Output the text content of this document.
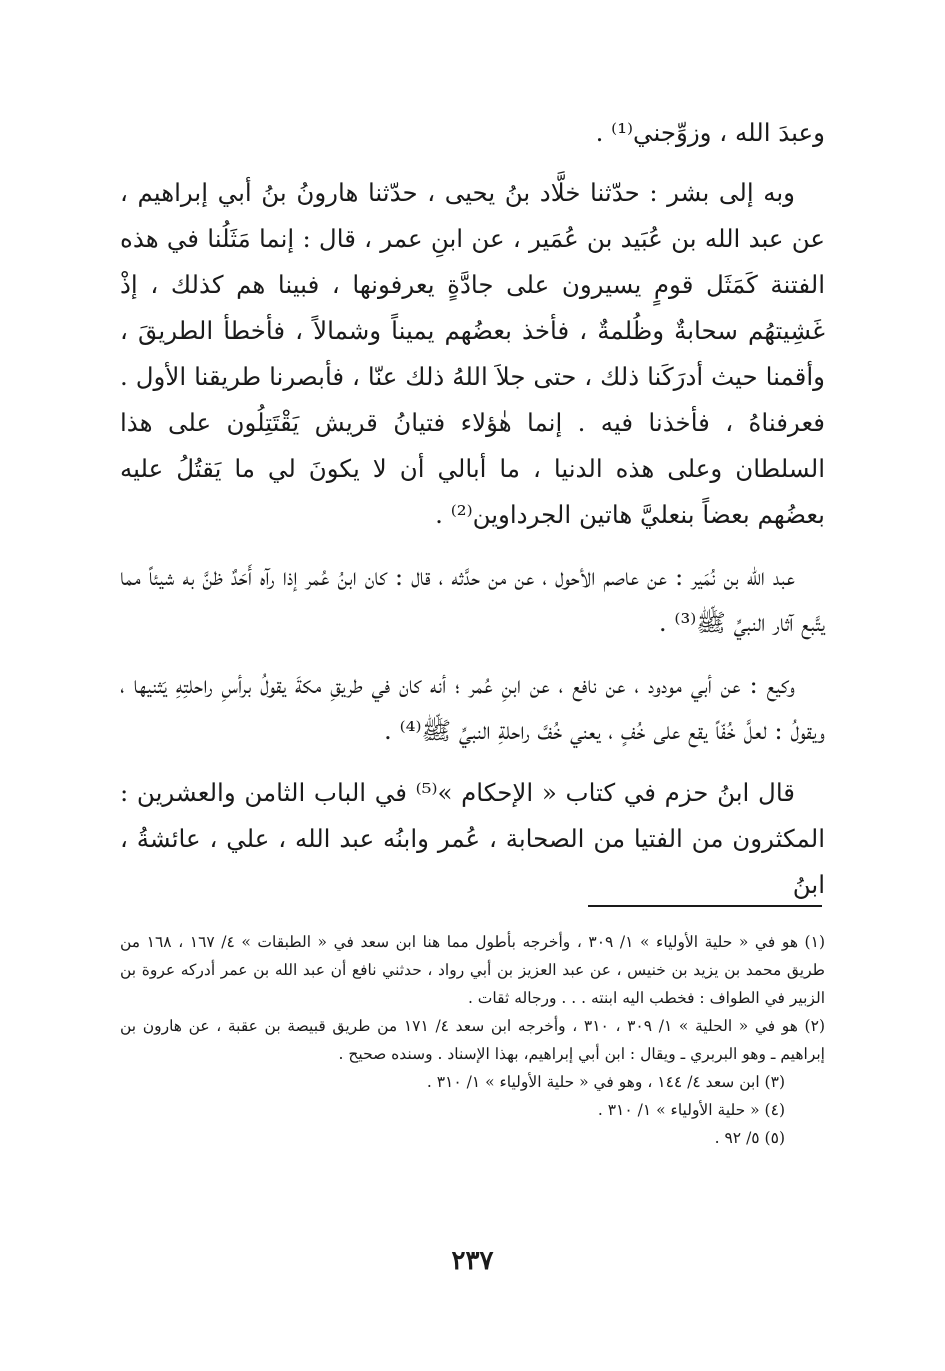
وعبدَ الله ، وزوِّجني⁽¹⁾ .

وبه إلى بشر : حدّثنا خلَّاد بنُ يحيى ، حدّثنا هارونُ بنُ أبي إبراهيم ، عن عبد الله بن عُبَيد بن عُمَير ، عن ابنِ عمر ، قال : إنما مَثَلُنا في هذه الفتنة كَمَثَل قومٍ يسيرون على جادَّةٍ يعرفونها ، فبينا هم كذلك ، إذْ غَشِيتهُم سحابةٌ وظُلمةٌ ، فأخذ بعضُهم يميناً وشمالاً ، فأخطأ الطريقَ ، وأقمنا حيث أدرَكَنا ذلك ، حتى جلاَ اللهُ ذلك عنّا ، فأبصرنا طريقنا الأول . فعرفناهُ ، فأخذنا فيه . إنما هٰؤلاء فتيانُ قريش يَقْتَتِلُون على هذا السلطان وعلى هذه الدنيا ، ما أبالي أن لا يكونَ لي ما يَقتُلُ عليه بعضُهم بعضاً بنعليَّ هاتين الجرداوين⁽²⁾ .

عبد الله بن نُمَير : عن عاصم الأحول ، عن من حدَّثه ، قال : كان ابنُ عُمر إذا رآه أَحَدٌ ظنَّ به شيئاً مما يتَّبع آثار النبيِّ ﷺ⁽³⁾ .

وكيع : عن أبي مودود ، عن نافع ، عن ابنِ عُمر ؛ أنه كان في طريقِ مكةَ يقولُ برأسِ راحلتِهِ يَثنيها ، ويقولُ : لعلَّ خُفّاً يقع على خُفٍ ، يعني خُفَّ راحلةِ النبيِّ ﷺ⁽⁴⁾ .

قال ابنُ حزم في كتاب « الإحكام »⁽⁵⁾ في الباب الثامن والعشرين : المكثرون من الفتيا من الصحابة ، عُمر وابنُه عبد الله ، علي ، عائشةُ ، ابنُ

(١) هو في « حلية الأولياء » ١/ ٣٠٩ ، وأخرجه بأطول مما هنا ابن سعد في « الطبقات » ٤/ ١٦٧ ، ١٦٨ من طريق محمد بن يزيد بن خنيس ، عن عبد العزيز بن أبي رواد ، حدثني نافع أن عبد الله بن عمر أدركه عروة بن الزبير في الطواف : فخطب اليه ابنته . . . ورجاله ثقات .

(٢) هو في « الحلية » ١/ ٣٠٩ ، ٣١٠ ، وأخرجه ابن سعد ٤/ ١٧١ من طريق قبيصة بن عقبة ، عن هارون بن إبراهيم ـ وهو البربري ـ ويقال : ابن أبي إبراهيم، بهذا الإسناد . وسنده صحيح .

(٣) ابن سعد ٤/ ١٤٤ ، وهو في « حلية الأولياء » ١/ ٣١٠ .

(٤) « حلية الأولياء » ١/ ٣١٠ .

(٥) ٥/ ٩٢ .

٢٣٧
